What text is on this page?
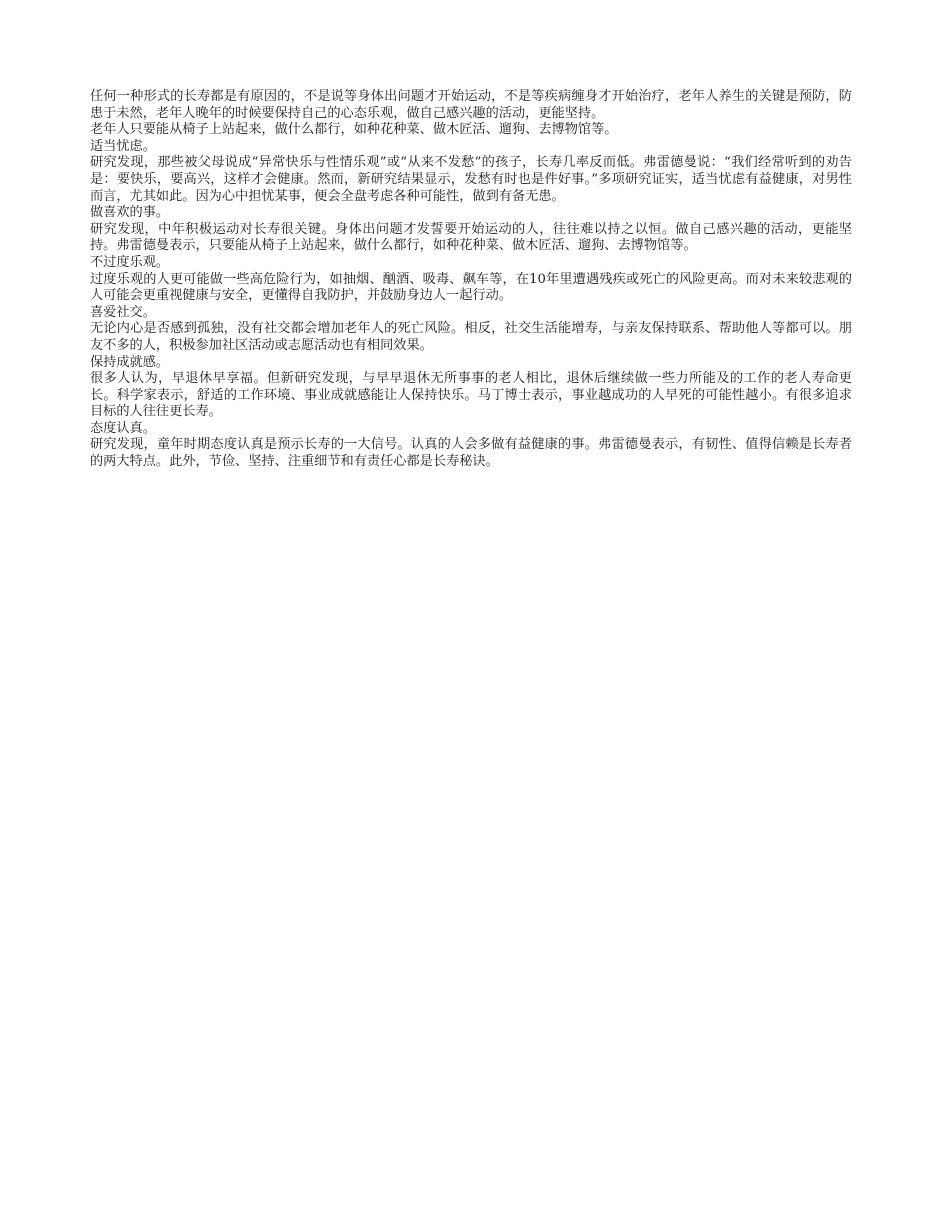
任何一种形式的长寿都是有原因的，不是说等身体出问题才开始运动，不是等疾病缠身才开始治疗，老年人养生的关键是预防，防患于未然，老年人晚年的时候要保持自己的心态乐观，做自己感兴趣的活动，更能坚持。

老年人只要能从椅子上站起来，做什么都行，如种花种菜、做木匠活、遛狗、去博物馆等。

适当忧虑。

研究发现，那些被父母说成“异常快乐与性情乐观”或“从来不发愁”的孩子，长寿几率反而低。弗雷德曼说：“我们经常听到的劝告是：要快乐，要高兴，这样才会健康。然而，新研究结果显示，发愁有时也是件好事。”多项研究证实，适当忧虑有益健康，对男性而言，尤其如此。因为心中担忧某事，便会全盘考虑各种可能性，做到有备无患。

做喜欢的事。

研究发现，中年积极运动对长寿很关键。身体出问题才发誓要开始运动的人，往往难以持之以恒。做自己感兴趣的活动，更能坚持。弗雷德曼表示，只要能从椅子上站起来，做什么都行，如种花种菜、做木匠活、遛狗、去博物馆等。

不过度乐观。

过度乐观的人更可能做一些高危险行为，如抽烟、酗酒、吸毒、飙车等，在10年里遭遇残疾或死亡的风险更高。而对未来较悲观的人可能会更重视健康与安全，更懂得自我防护，并鼓励身边人一起行动。

喜爱社交。

无论内心是否感到孤独，没有社交都会增加老年人的死亡风险。相反，社交生活能增寿，与亲友保持联系、帮助他人等都可以。朋友不多的人，积极参加社区活动或志愿活动也有相同效果。

保持成就感。

很多人认为，早退休早享福。但新研究发现，与早早退休无所事事的老人相比，退休后继续做一些力所能及的工作的老人寿命更长。科学家表示，舒适的工作环境、事业成就感能让人保持快乐。马丁博士表示，事业越成功的人早死的可能性越小。有很多追求目标的人往往更长寿。

态度认真。

研究发现，童年时期态度认真是预示长寿的一大信号。认真的人会多做有益健康的事。弗雷德曼表示，有韧性、值得信赖是长寿者的两大特点。此外，节俭、坚持、注重细节和有责任心都是长寿秘诀。
